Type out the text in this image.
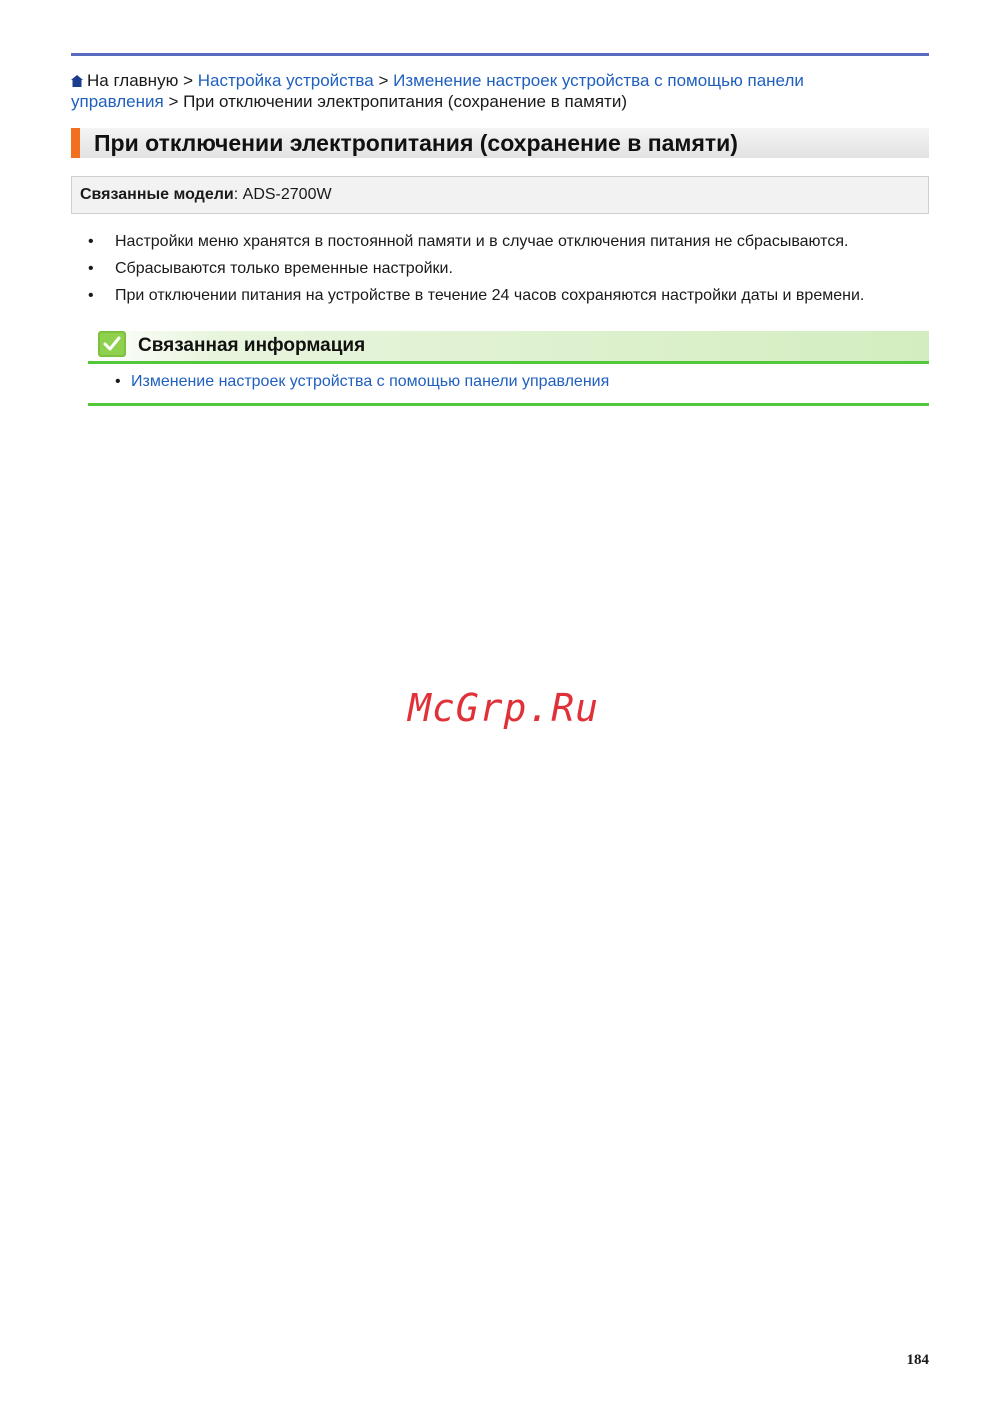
На главную > Настройка устройства > Изменение настроек устройства с помощью панели управления > При отключении электропитания (сохранение в памяти)
При отключении электропитания (сохранение в памяти)
Связанные модели: ADS-2700W
• Настройки меню хранятся в постоянной памяти и в случае отключения питания не сбрасываются.
• Сбрасываются только временные настройки.
• При отключении питания на устройстве в течение 24 часов сохраняются настройки даты и времени.
Связанная информация
• Изменение настроек устройства с помощью панели управления
McGrp.Ru
184
